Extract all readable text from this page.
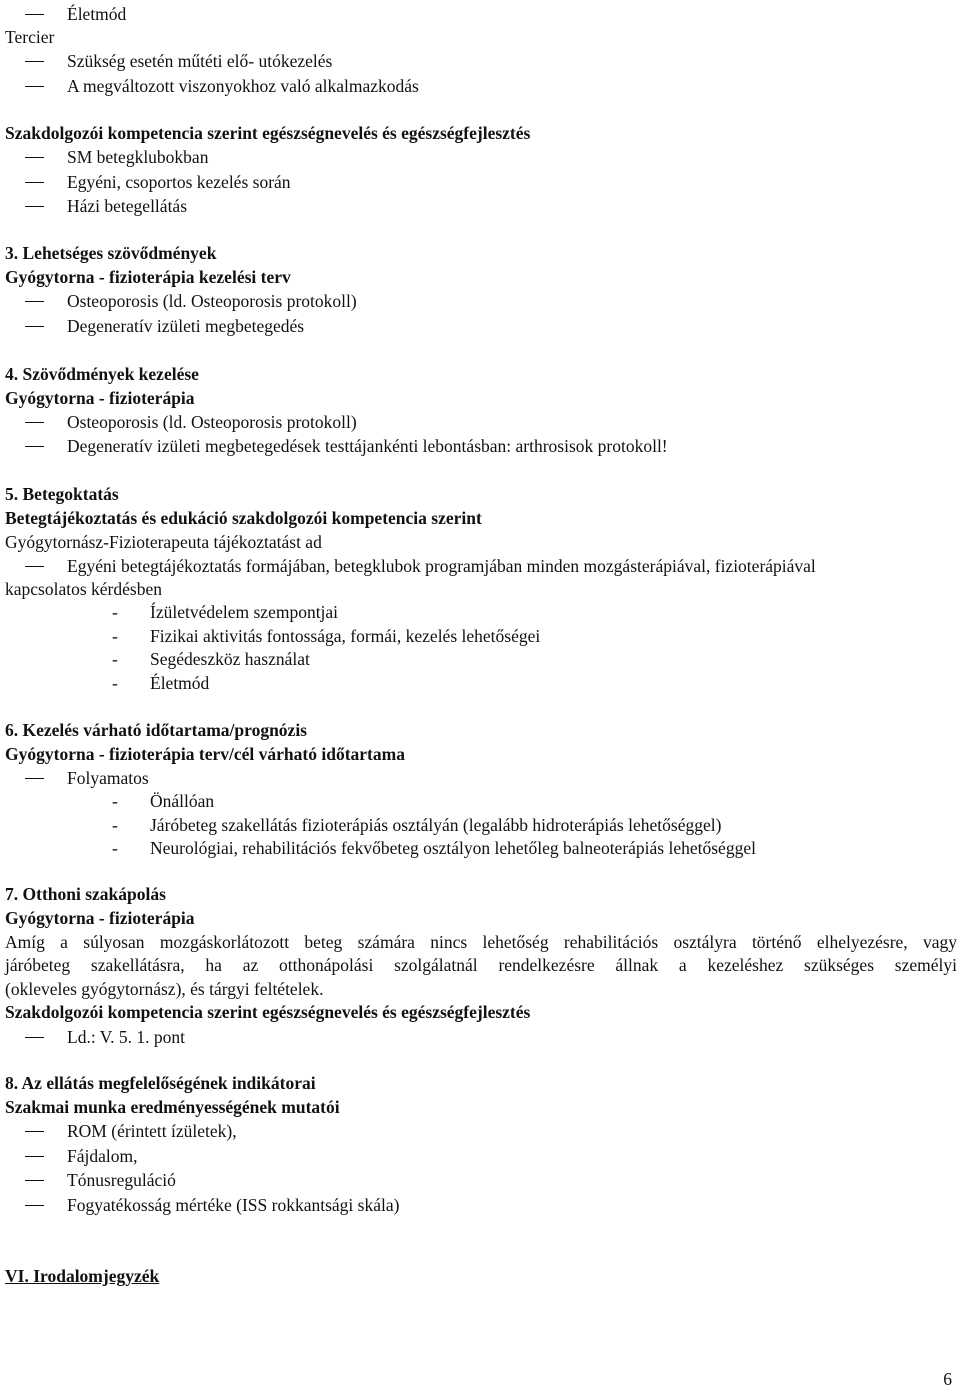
Életmód
Tercier
Szükség esetén műtéti elő- utókezelés
A megváltozott viszonyokhoz való alkalmazkodás
Szakdolgozói kompetencia szerint egészségnevelés és egészségfejlesztés
SM betegklubokban
Egyéni, csoportos kezelés során
Házi betegellátás
3. Lehetséges szövődmények
Gyógytorna - fizioterápia kezelési terv
Osteoporosis (ld. Osteoporosis protokoll)
Degeneratív izületi megbetegedés
4. Szövődmények kezelése
Gyógytorna - fizioterápia
Osteoporosis (ld. Osteoporosis protokoll)
Degeneratív izületi megbetegedések testtájankénti lebontásban: arthrosisok protokoll!
5. Betegoktatás
Betegtájékoztatás és edukáció szakdolgozói kompetencia szerint
Gyógytornász-Fizioterapeuta tájékoztatást ad
Egyéni betegtájékoztatás formájában, betegklubok programjában minden mozgásterápiával, fizioterápiával
kapcsolatos kérdésben
- Ízületvédelem szempontjai
- Fizikai aktivitás fontossága, formái, kezelés lehetőségei
- Segédeszköz használat
- Életmód
6. Kezelés várható időtartama/prognózis
Gyógytorna - fizioterápia terv/cél várható időtartama
Folyamatos
- Önállóan
- Járóbeteg szakellátás fizioterápiás osztályán (legalább hidroterápiás lehetőséggel)
- Neurológiai, rehabilitációs fekvőbeteg osztályon lehetőleg balneoterápiás lehetőséggel
7. Otthoni szakápolás
Gyógytorna - fizioterápia
Amíg a súlyosan mozgáskorlátozott beteg számára nincs lehetőség rehabilitációs osztályra történő elhelyezésre, vagy
járóbeteg szakellátásra, ha az otthonápolási szolgálatnál rendelkezésre állnak a kezeléshez szükséges személyi
(okleveles gyógytornász), és tárgyi feltételek.
Szakdolgozói kompetencia szerint egészségnevelés és egészségfejlesztés
Ld.: V. 5. 1. pont
8. Az ellátás megfelelőségének indikátorai
Szakmai munka eredményességének mutatói
ROM (érintett ízületek),
Fájdalom,
Tónusreguláció
Fogyatékosság mértéke (ISS rokkantsági skála)
VI. Irodalomjegyzék
6
